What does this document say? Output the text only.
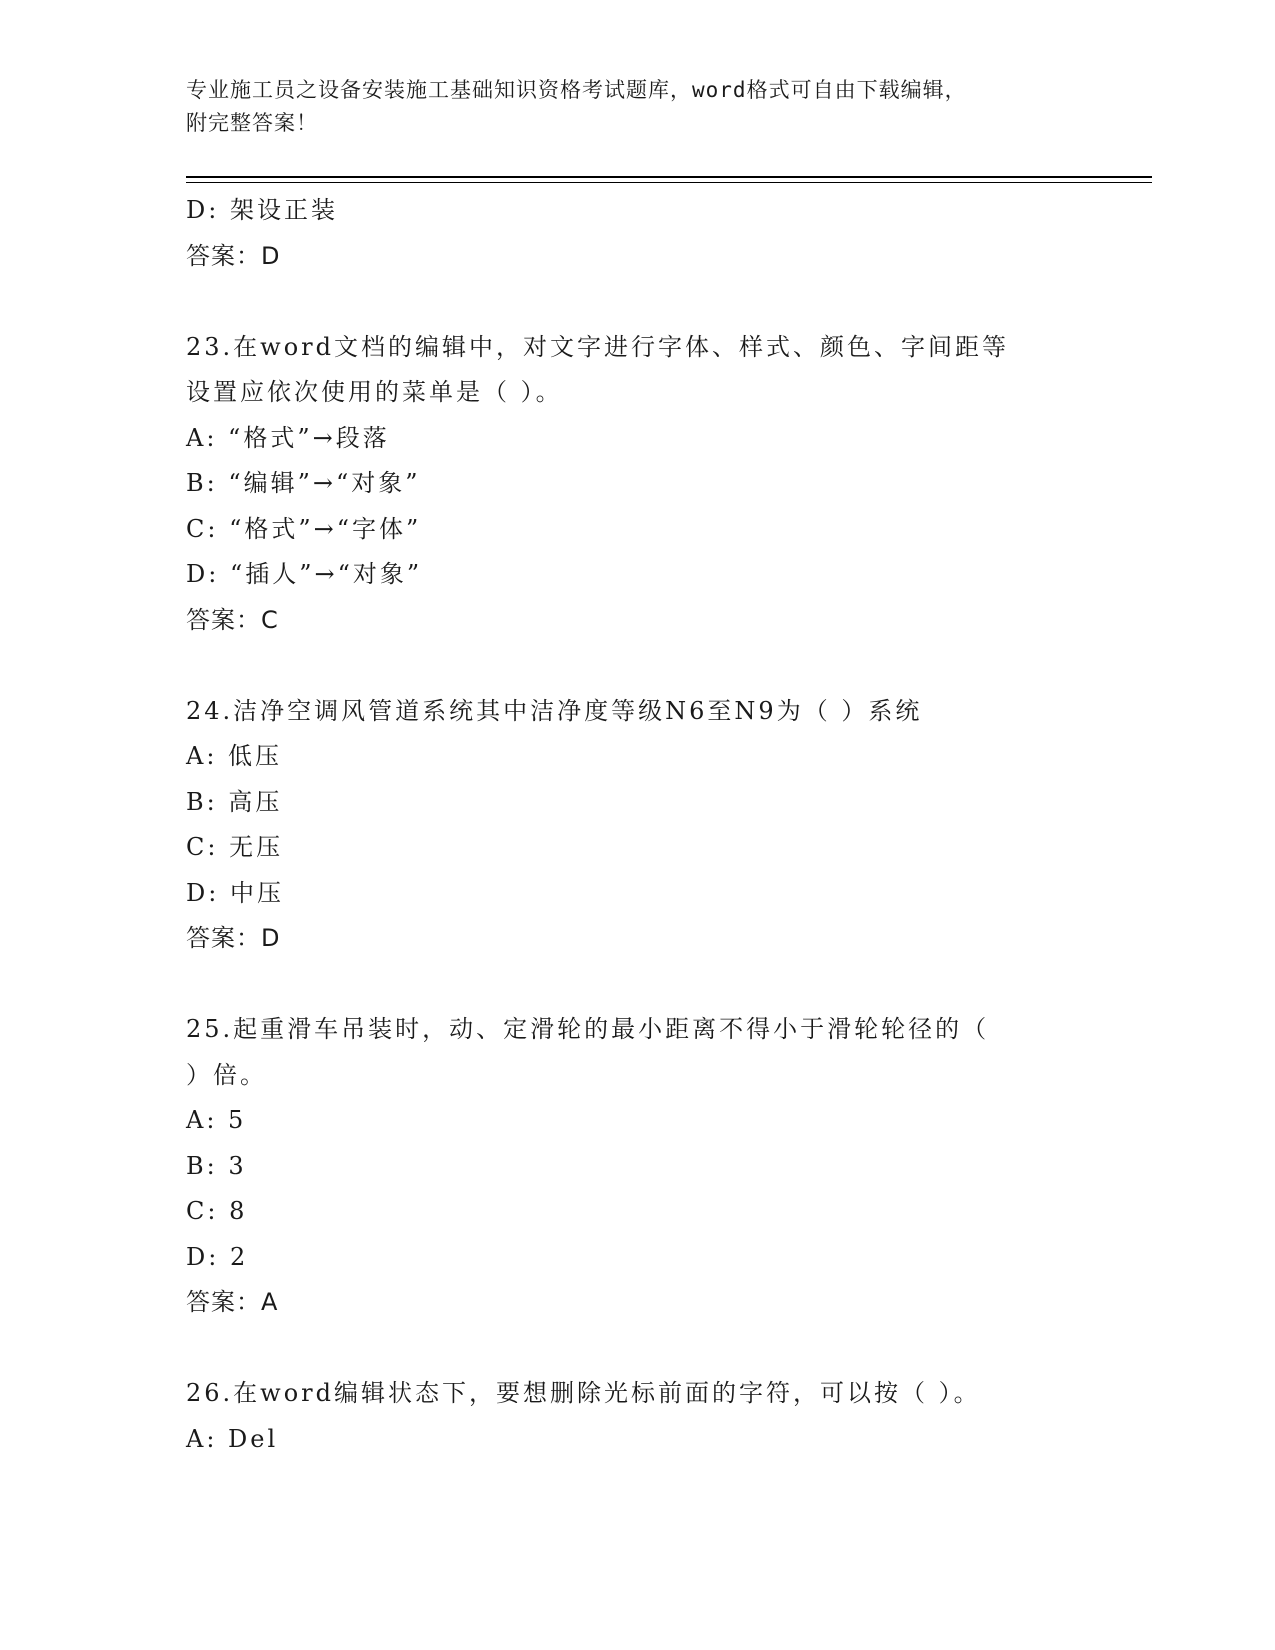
专业施工员之设备安装施工基础知识资格考试题库，word格式可自由下载编辑，
附完整答案！
D: 架设正装
答案：D
23.在word文档的编辑中，对文字进行字体、样式、颜色、字间距等
设置应依次使用的菜单是（ ）。
A: “格式”→段落
B: “编辑”→“对象”
C: “格式”→“字体”
D: “插人”→“对象”
答案：C
24.洁净空调风管道系统其中洁净度等级N6至N9为（ ）系统
A: 低压
B: 高压
C: 无压
D: 中压
答案：D
25.起重滑车吊装时，动、定滑轮的最小距离不得小于滑轮轮径的（
）倍。
A: 5
B: 3
C: 8
D: 2
答案：A
26.在word编辑状态下，要想删除光标前面的字符，可以按（ ）。
A: Del
